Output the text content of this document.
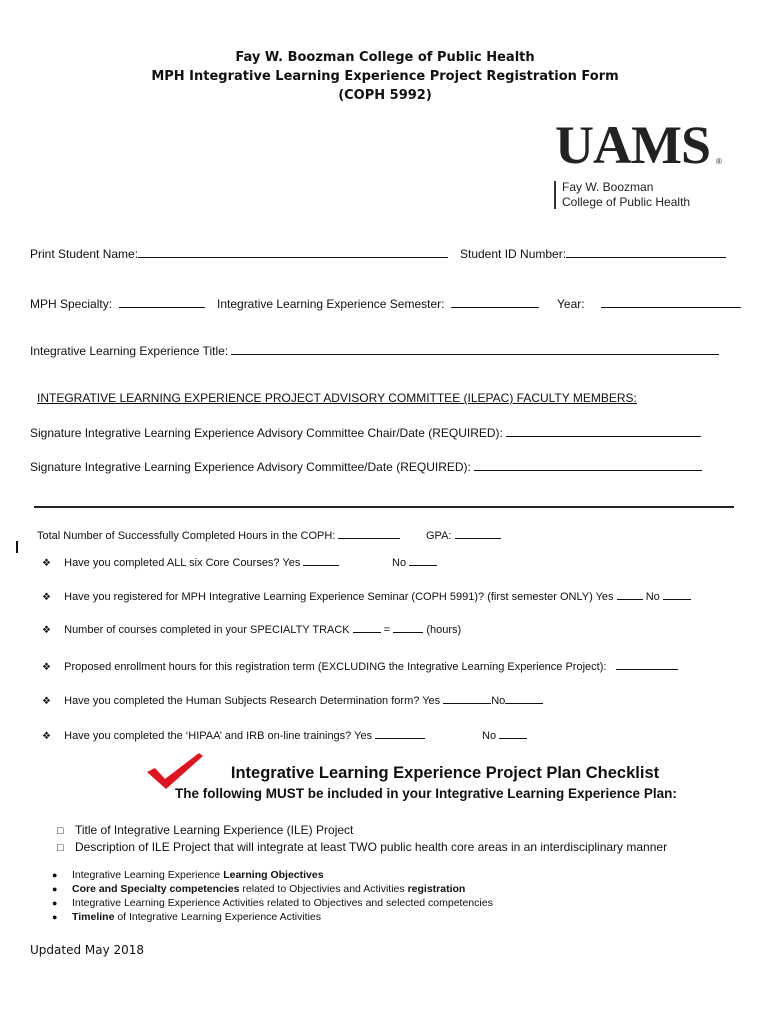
Fay W. Boozman College of Public Health
MPH Integrative Learning Experience Project Registration Form
(COPH 5992)
UAMS ®
Fay W. Boozman
College of Public Health
Print Student Name:	Student ID Number:
MPH Specialty:	Integrative Learning Experience Semester:	Year:
Integrative Learning Experience Title:
INTEGRATIVE LEARNING EXPERIENCE PROJECT ADVISORY COMMITTEE (ILEPAC) FACULTY MEMBERS:
Signature Integrative Learning Experience Advisory Committee Chair/Date (REQUIRED):
Signature Integrative Learning Experience Advisory Committee/Date (REQUIRED):
Total Number of Successfully Completed Hours in the COPH:	GPA:
❖ Have you completed ALL six Core Courses? Yes	No
❖ Have you registered for MPH Integrative Learning Experience Seminar (COPH 5991)? (first semester ONLY) Yes	No
❖ Number of courses completed in your SPECIALTY TRACK	=	(hours)
❖ Proposed enrollment hours for this registration term (EXCLUDING the Integrative Learning Experience Project):
❖ Have you completed the Human Subjects Research Determination form? Yes	No
❖ Have you completed the ‘HIPAA’ and IRB on-line trainings? Yes	No
Integrative Learning Experience Project Plan Checklist
The following MUST be included in your Integrative Learning Experience Plan:
□ Title of Integrative Learning Experience (ILE) Project
□ Description of ILE Project that will integrate at least TWO public health core areas in an interdisciplinary manner
● Integrative Learning Experience Learning Objectives
● Core and Specialty competencies related to Objectivies and Activities registration
● Integrative Learning Experience Activities related to Objectives and selected competencies
● Timeline of Integrative Learning Experience Activities
Updated May 2018
